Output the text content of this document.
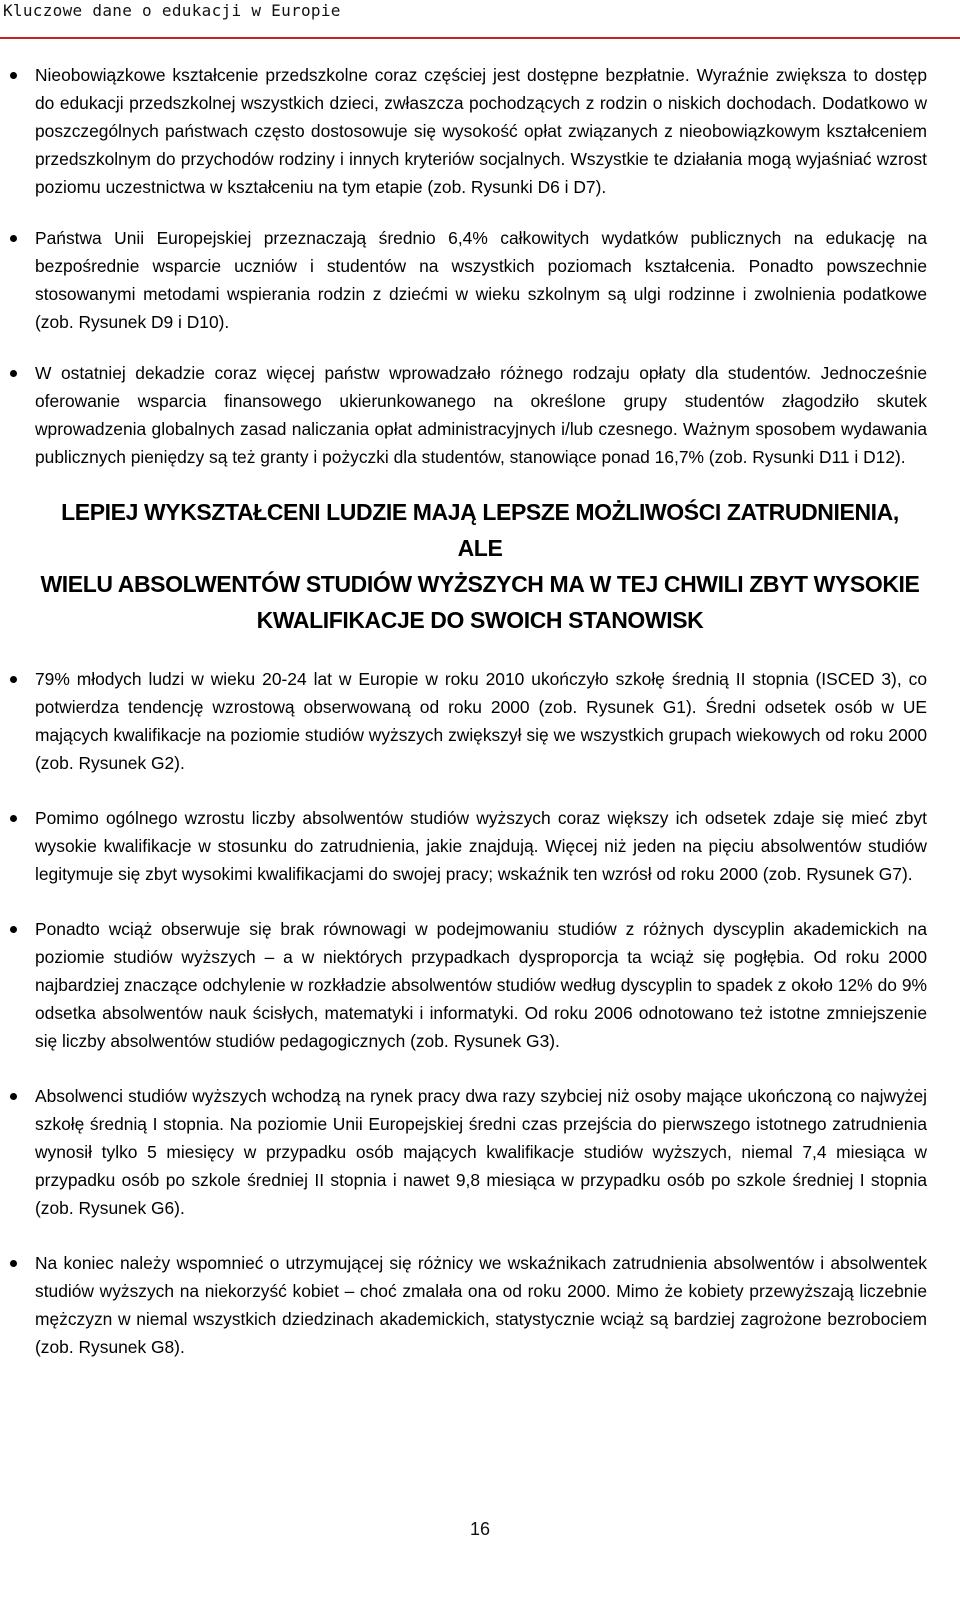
Kluczowe dane o edukacji w Europie
Nieobowiązkowe kształcenie przedszkolne coraz częściej jest dostępne bezpłatnie. Wyraźnie zwiększa to dostęp do edukacji przedszkolnej wszystkich dzieci, zwłaszcza pochodzących z rodzin o niskich dochodach. Dodatkowo w poszczególnych państwach często dostosowuje się wysokość opłat związanych z nieobowiązkowym kształceniem przedszkolnym do przychodów rodziny i innych kryteriów socjalnych. Wszystkie te działania mogą wyjaśniać wzrost poziomu uczestnictwa w kształceniu na tym etapie (zob. Rysunki D6 i D7).
Państwa Unii Europejskiej przeznaczają średnio 6,4% całkowitych wydatków publicznych na edukację na bezpośrednie wsparcie uczniów i studentów na wszystkich poziomach kształcenia. Ponadto powszechnie stosowanymi metodami wspierania rodzin z dziećmi w wieku szkolnym są ulgi rodzinne i zwolnienia podatkowe (zob. Rysunek D9 i D10).
W ostatniej dekadzie coraz więcej państw wprowadzało różnego rodzaju opłaty dla studentów. Jednocześnie oferowanie wsparcia finansowego ukierunkowanego na określone grupy studentów złagodziło skutek wprowadzenia globalnych zasad naliczania opłat administracyjnych i/lub czesnego. Ważnym sposobem wydawania publicznych pieniędzy są też granty i pożyczki dla studentów, stanowiące ponad 16,7% (zob. Rysunki D11 i D12).
LEPIEJ WYKSZTAŁCENI LUDZIE MAJĄ LEPSZE MOŻLIWOŚCI ZATRUDNIENIA, ALE
WIELU ABSOLWENTÓW STUDIÓW WYŻSZYCH MA W TEJ CHWILI ZBYT WYSOKIE
KWALIFIKACJE DO SWOICH STANOWISK
79% młodych ludzi w wieku 20-24 lat w Europie w roku 2010 ukończyło szkołę średnią II stopnia (ISCED 3), co potwierdza tendencję wzrostową obserwowaną od roku 2000 (zob. Rysunek G1). Średni odsetek osób w UE mających kwalifikacje na poziomie studiów wyższych zwiększył się we wszystkich grupach wiekowych od roku 2000 (zob. Rysunek G2).
Pomimo ogólnego wzrostu liczby absolwentów studiów wyższych coraz większy ich odsetek zdaje się mieć zbyt wysokie kwalifikacje w stosunku do zatrudnienia, jakie znajdują. Więcej niż jeden na pięciu absolwentów studiów legitymuje się zbyt wysokimi kwalifikacjami do swojej pracy; wskaźnik ten wzrósł od roku 2000 (zob. Rysunek G7).
Ponadto wciąż obserwuje się brak równowagi w podejmowaniu studiów z różnych dyscyplin akademickich na poziomie studiów wyższych – a w niektórych przypadkach dysproporcja ta wciąż się pogłębia. Od roku 2000 najbardziej znaczące odchylenie w rozkładzie absolwentów studiów według dyscyplin to spadek z około 12% do 9% odsetka absolwentów nauk ścisłych, matematyki i informatyki. Od roku 2006 odnotowano też istotne zmniejszenie się liczby absolwentów studiów pedagogicznych (zob. Rysunek G3).
Absolwenci studiów wyższych wchodzą na rynek pracy dwa razy szybciej niż osoby mające ukończoną co najwyżej szkołę średnią I stopnia. Na poziomie Unii Europejskiej średni czas przejścia do pierwszego istotnego zatrudnienia wynosił tylko 5 miesięcy w przypadku osób mających kwalifikacje studiów wyższych, niemal 7,4 miesiąca w przypadku osób po szkole średniej II stopnia i nawet 9,8 miesiąca w przypadku osób po szkole średniej I stopnia (zob. Rysunek G6).
Na koniec należy wspomnieć o utrzymującej się różnicy we wskaźnikach zatrudnienia absolwentów i absolwentek studiów wyższych na niekorzyść kobiet – choć zmalała ona od roku 2000. Mimo że kobiety przewyższają liczebnie mężczyzn w niemal wszystkich dziedzinach akademickich, statystycznie wciąż są bardziej zagrożone bezrobociem (zob. Rysunek G8).
16
